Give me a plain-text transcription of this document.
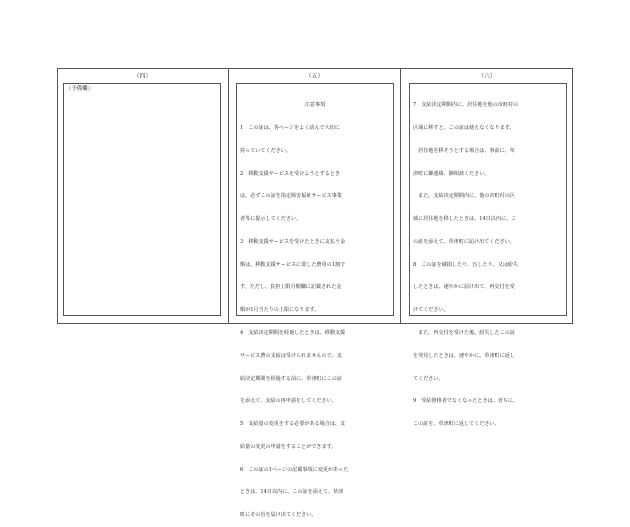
（四）
（予備欄）
（五）

注意事項

1　この証は、各ページをよく読んで大切に

持っていてください。

2　移動支援サービスを受けようとするとき

は、必ずこの証を指定障害福祉サービス事業

者等に提示してください。

3　移動支援サービスを受けたときに支払う金

額は、移動支援サービスに要した費用の1割で

す。ただし、負担上限月額欄に記載された金

額が1月当たりの上限になります。

4　支給決定期間を経過したときは、移動支援

サービス費の支給は受けられませんので、支

給決定期間を経過する前に、草津町にこの証

を添えて、支給の再申請をしてください。

5　支給量の変更をする必要がある場合は、支

給量の変更の申請をすることができます。

6　この証の1ページの記載事項に変更があった

ときは、14日以内に、この証を添えて、草津

町にその旨を届け出てください。

（六）

7　支給決定期間内に、居住地を他の市町村の

区域に移すと、この証は使えなくなります。

　居住地を移そうとする場合は、事前に、草

津町に御連絡、御相談ください。

　また、支給決定期間内に、他の市町村の区

域に居住地を移したときは、14日以内に、こ

の証を添えて、草津町に届け出てください。

8　この証を破損したり、汚したり、又は紛失

したときは、速やかに届け出て、再交付を受

けてください。

　また、再交付を受けた後、紛失したこの証

を発見したときは、速やかに、草津町に返し

てください。

9　受給資格者でなくなったときは、直ちに、

この証を、草津町に返してください。
